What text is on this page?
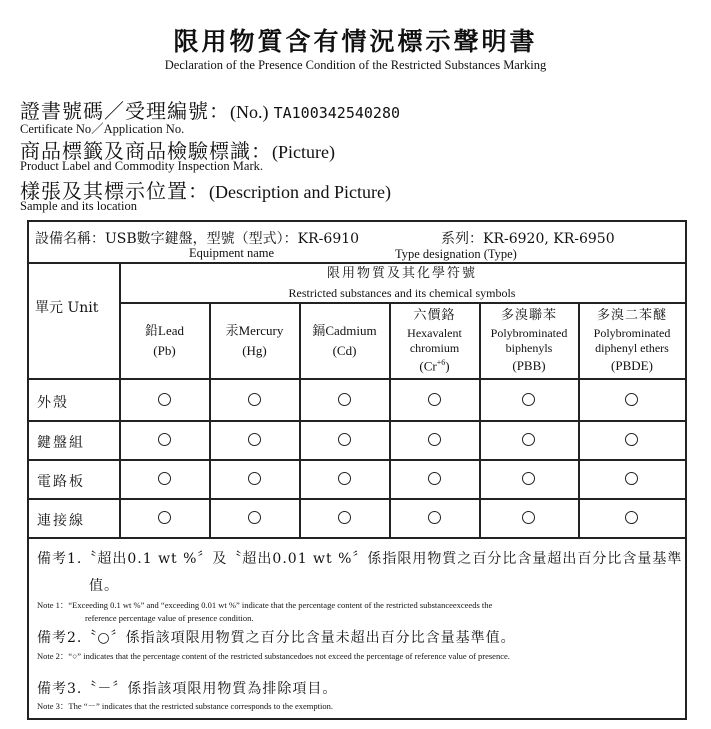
限用物質含有情況標示聲明書
Declaration of the Presence Condition of the Restricted Substances Marking
證書號碼／受理編號：(No.) TA100342540280
Certificate No／Application No.
商品標籤及商品檢驗標識：(Picture)
Product Label and Commodity Inspection Mark.
樣張及其標示位置：(Description and Picture)
Sample and its location
設備名稱：USB數字鍵盤，型號（型式）：KR-6910	系列：KR-6920, KR-6950
Equipment name	Type designation (Type)
單元 Unit
限用物質及其化學符號
Restricted substances and its chemical symbols
鉛Lead
(Pb)
汞Mercury
(Hg)
鎘Cadmium
(Cd)
六價鉻
Hexavalent chromium
$(Cr^{+6})$
多溴聯苯
Polybrominated biphenyls
(PBB)
多溴二苯醚
Polybrominated diphenyl ethers
(PBDE)
外殼
鍵盤組
電路板
連接線
備考1.〝超出0.1 wt %〞及〝超出0.01 wt %〞係指限用物質之百分比含量超出百分比含量基準
值。
Note 1：“Exceeding 0.1 wt %” and “exceeding 0.01 wt %” indicate that the percentage content of the restricted substanceexceeds the
reference percentage value of presence condition.
備考2.〝○〞係指該項限用物質之百分比含量未超出百分比含量基準值。
Note 2：“○” indicates that the percentage content of the restricted substancedoes not exceed the percentage of reference value of presence.
備考3.〝－〞係指該項限用物質為排除項目。
Note 3：The “－” indicates that the restricted substance corresponds to the exemption.
